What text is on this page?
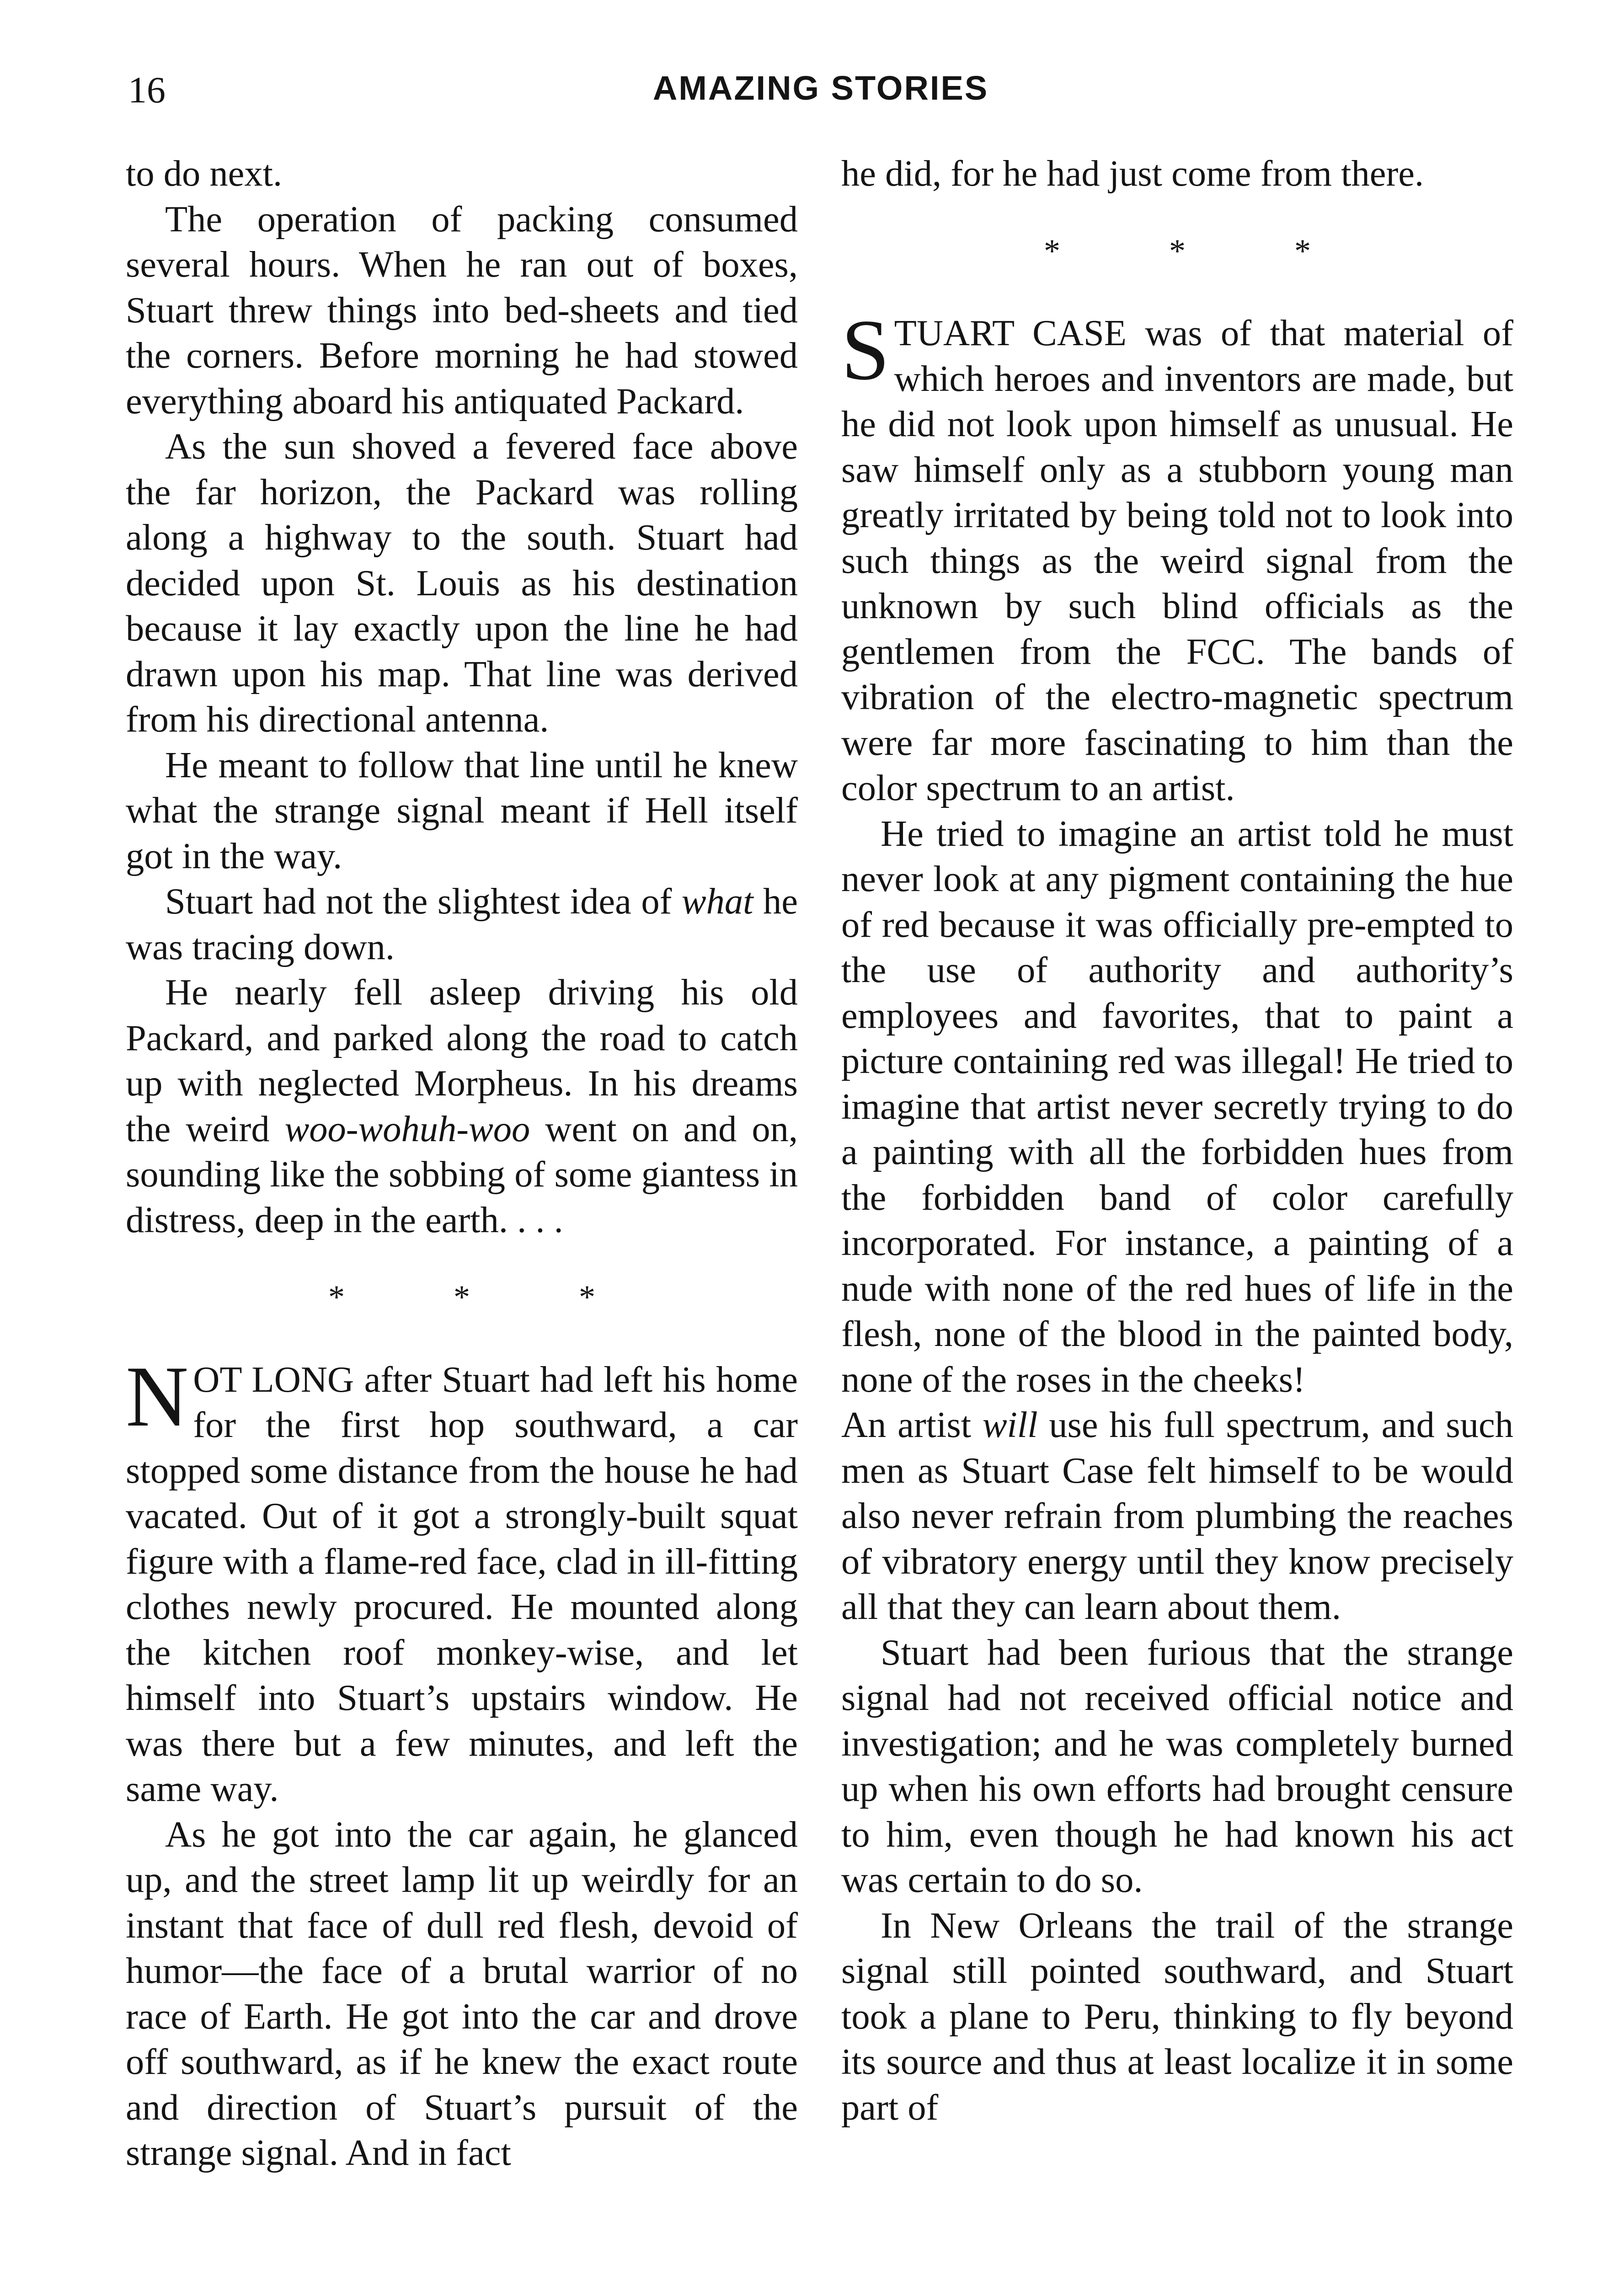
16	AMAZING STORIES

to do next.

The operation of packing consumed several hours. When he ran out of boxes, Stuart threw things into bed-sheets and tied the corners. Before morning he had stowed everything aboard his antiquated Packard.

As the sun shoved a fevered face above the far horizon, the Packard was rolling along a highway to the south. Stuart had decided upon St. Louis as his destination because it lay exactly upon the line he had drawn upon his map. That line was derived from his directional antenna.

He meant to follow that line until he knew what the strange signal meant if Hell itself got in the way.

Stuart had not the slightest idea of what he was tracing down.

He nearly fell asleep driving his old Packard, and parked along the road to catch up with neglected Morpheus. In his dreams the weird woo-wohuh-woo went on and on, sounding like the sobbing of some giantess in distress, deep in the earth. . . .

* * *

NOT LONG after Stuart had left his home for the first hop southward, a car stopped some distance from the house he had vacated. Out of it got a strongly-built squat figure with a flame-red face, clad in ill-fitting clothes newly procured. He mounted along the kitchen roof monkey-wise, and let himself into Stuart’s upstairs window. He was there but a few minutes, and left the same way.

As he got into the car again, he glanced up, and the street lamp lit up weirdly for an instant that face of dull red flesh, devoid of humor—the face of a brutal warrior of no race of Earth. He got into the car and drove off southward, as if he knew the exact route and direction of Stuart’s pursuit of the strange signal. And in fact

he did, for he had just come from there.

* * *

STUART CASE was of that material of which heroes and inventors are made, but he did not look upon himself as unusual. He saw himself only as a stubborn young man greatly irritated by being told not to look into such things as the weird signal from the unknown by such blind officials as the gentlemen from the FCC. The bands of vibration of the electro-magnetic spectrum were far more fascinating to him than the color spectrum to an artist.

He tried to imagine an artist told he must never look at any pigment containing the hue of red because it was officially pre-empted to the use of authority and authority’s employees and favorites, that to paint a picture containing red was illegal! He tried to imagine that artist never secretly trying to do a painting with all the forbidden hues from the forbidden band of color carefully incorporated. For instance, a painting of a nude with none of the red hues of life in the flesh, none of the blood in the painted body, none of the roses in the cheeks!

An artist will use his full spectrum, and such men as Stuart Case felt himself to be would also never refrain from plumbing the reaches of vibratory energy until they know precisely all that they can learn about them.

Stuart had been furious that the strange signal had not received official notice and investigation; and he was completely burned up when his own efforts had brought censure to him, even though he had known his act was certain to do so.

In New Orleans the trail of the strange signal still pointed southward, and Stuart took a plane to Peru, thinking to fly beyond its source and thus at least localize it in some part of
